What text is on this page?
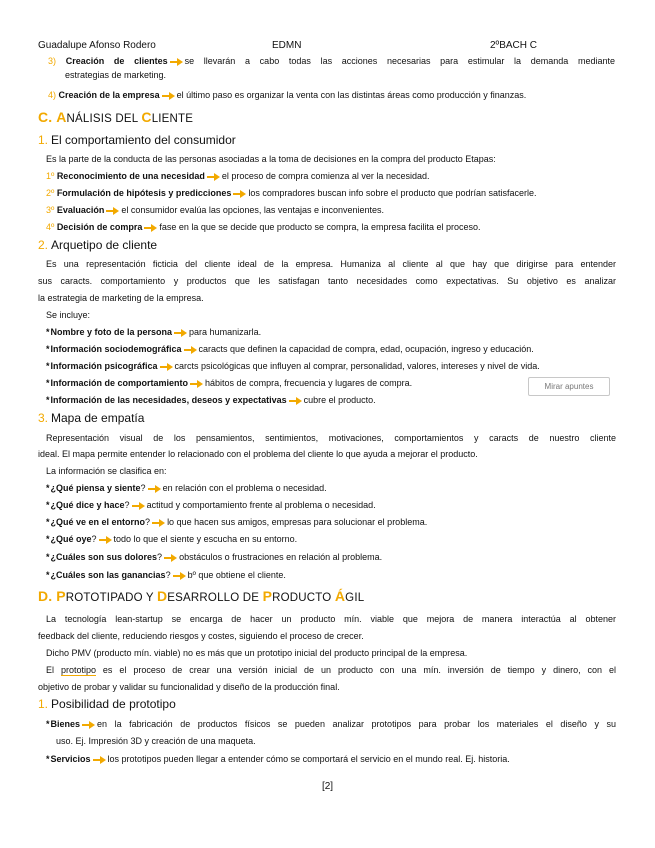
Guadalupe Afonso Rodero	EDMN	2ºBACH C
3) Creación de clientes se llevarán a cabo todas las acciones necesarias para estimular la demanda mediante
estrategias de marketing.
4) Creación de la empresa el último paso es organizar la venta con las distintas áreas como producción y finanzas.
C. ANÁLISIS DEL CLIENTE
1. El comportamiento del consumidor
Es la parte de la conducta de las personas asociadas a la toma de decisiones en la compra del producto Etapas:
1º Reconocimiento de una necesidad el proceso de compra comienza al ver la necesidad.
2º Formulación de hipótesis y predicciones los compradores buscan info sobre el producto que podrían satisfacerle.
3º Evaluación el consumidor evalúa las opciones, las ventajas e inconvenientes.
4º Decisión de compra fase en la que se decide que producto se compra, la empresa facilita el proceso.
2. Arquetipo de cliente
Es una representación ficticia del cliente ideal de la empresa. Humaniza al cliente al que hay que dirigirse para entender
sus caracts. comportamiento y productos que les satisfagan tanto necesidades como expectativas. Su objetivo es analizar
la estrategia de marketing de la empresa.
Se incluye:
*Nombre y foto de la persona para humanizarla.
*Información sociodemográfica caracts que definen la capacidad de compra, edad, ocupación, ingreso y educación.
*Información psicográfica carcts psicológicas que influyen al comprar, personalidad, valores, intereses y nivel de vida.
*Información de comportamiento hábitos de compra, frecuencia y lugares de compra.
*Información de las necesidades, deseos y expectativas cubre el producto.
Mirar apuntes
3. Mapa de empatía
Representación visual de los pensamientos, sentimientos, motivaciones, comportamientos y caracts de nuestro cliente
ideal. El mapa permite entender lo relacionado con el problema del cliente lo que ayuda a mejorar el producto.
La información se clasifica en:
*¿Qué piensa y siente? en relación con el problema o necesidad.
*¿Qué dice y hace? actitud y comportamiento frente al problema o necesidad.
*¿Qué ve en el entorno? lo que hacen sus amigos, empresas para solucionar el problema.
*¿Qué oye? todo lo que el siente y escucha en su entorno.
*¿Cuáles son sus dolores? obstáculos o frustraciones en relación al problema.
*¿Cuáles son las ganancias? bº que obtiene el cliente.
D. PROTOTIPADO Y DESARROLLO DE PRODUCTO ÁGIL
La tecnología lean-startup se encarga de hacer un producto mín. viable que mejora de manera interactúa al obtener
feedback del cliente, reduciendo riesgos y costes, siguiendo el proceso de crecer.
Dicho PMV (producto mín. viable) no es más que un prototipo inicial del producto principal de la empresa.
El prototipo es el proceso de crear una versión inicial de un producto con una mín. inversión de tiempo y dinero, con el
objetivo de probar y validar su funcionalidad y diseño de la producción final.
1. Posibilidad de prototipo
*Bienes en la fabricación de productos físicos se pueden analizar prototipos para probar los materiales el diseño y su
uso. Ej. Impresión 3D y creación de una maqueta.
*Servicios los prototipos pueden llegar a entender cómo se comportará el servicio en el mundo real. Ej. historia.
[2]
